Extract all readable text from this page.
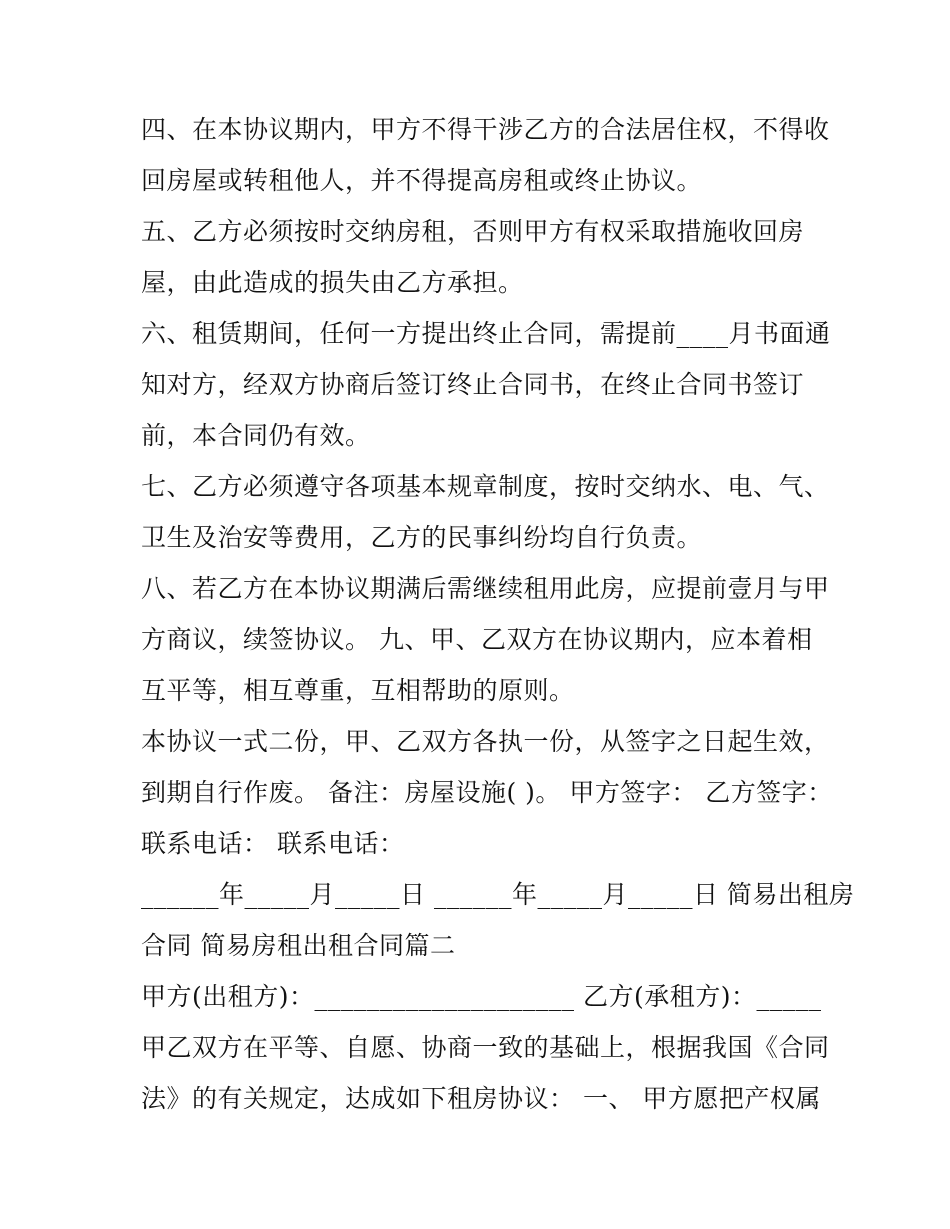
四、在本协议期内，甲方不得干涉乙方的合法居住权，不得收
回房屋或转租他人，并不得提高房租或终止协议。
五、乙方必须按时交纳房租，否则甲方有权采取措施收回房
屋，由此造成的损失由乙方承担。
六、租赁期间，任何一方提出终止合同，需提前____月书面通
知对方，经双方协商后签订终止合同书，在终止合同书签订
前，本合同仍有效。
七、乙方必须遵守各项基本规章制度，按时交纳水、电、气、
卫生及治安等费用，乙方的民事纠纷均自行负责。
八、若乙方在本协议期满后需继续租用此房，应提前壹月与甲
方商议，续签协议。 九、甲、乙双方在协议期内，应本着相
互平等，相互尊重，互相帮助的原则。
本协议一式二份，甲、乙双方各执一份，从签字之日起生效，
到期自行作废。 备注：房屋设施( )。 甲方签字： 乙方签字：
联系电话： 联系电话：
______年_____月_____日 ______年_____月_____日 简易出租房
合同 简易房租出租合同篇二
甲方(出租方)：____________________ 乙方(承租方)：_____
甲乙双方在平等、自愿、协商一致的基础上，根据我国《合同
法》的有关规定，达成如下租房协议： 一、 甲方愿把产权属
